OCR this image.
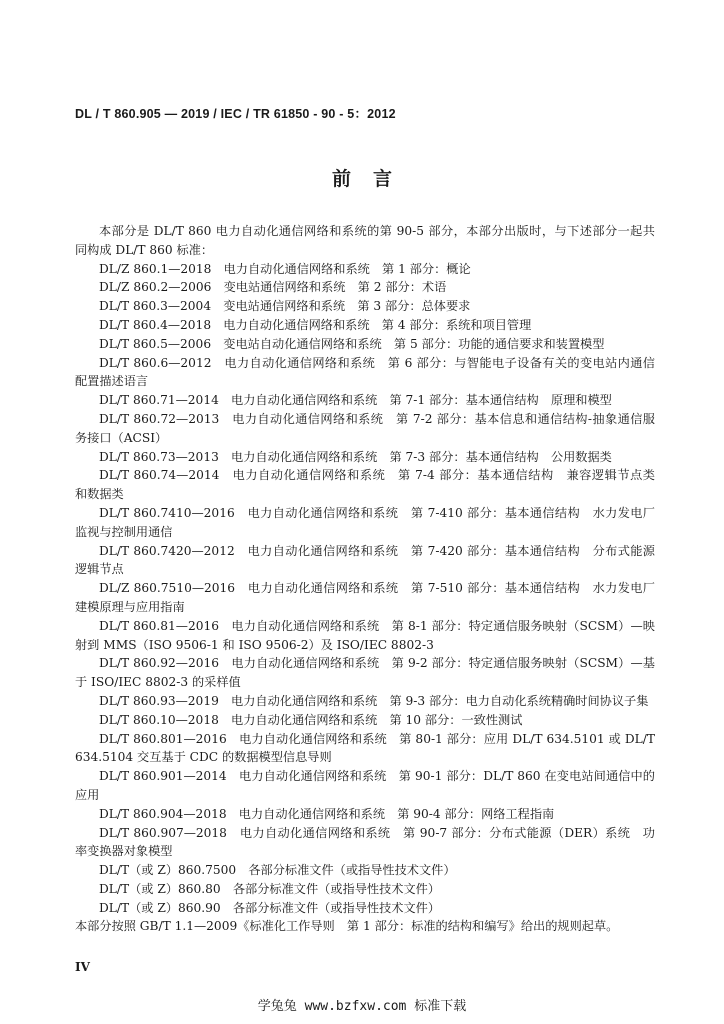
DL / T 860.905 — 2019 / IEC / TR 61850 - 90 - 5：2012
前言
本部分是 DL/T 860 电力自动化通信网络和系统的第 90-5 部分，本部分出版时，与下述部分一起共
同构成 DL/T 860 标准：
DL/Z 860.1—2018　电力自动化通信网络和系统　第 1 部分：概论
DL/Z 860.2—2006　变电站通信网络和系统　第 2 部分：术语
DL/T 860.3—2004　变电站通信网络和系统　第 3 部分：总体要求
DL/T 860.4—2018　电力自动化通信网络和系统　第 4 部分：系统和项目管理
DL/T 860.5—2006　变电站自动化通信网络和系统　第 5 部分：功能的通信要求和装置模型
DL/T 860.6—2012　电力自动化通信网络和系统　第 6 部分：与智能电子设备有关的变电站内通信
配置描述语言
DL/T 860.71—2014　电力自动化通信网络和系统　第 7-1 部分：基本通信结构　原理和模型
DL/T 860.72—2013　电力自动化通信网络和系统　第 7-2 部分：基本信息和通信结构-抽象通信服
务接口（ACSI）
DL/T 860.73—2013　电力自动化通信网络和系统　第 7-3 部分：基本通信结构　公用数据类
DL/T 860.74—2014　电力自动化通信网络和系统　第 7-4 部分：基本通信结构　兼容逻辑节点类
和数据类
DL/T 860.7410—2016　电力自动化通信网络和系统　第 7-410 部分：基本通信结构　水力发电厂
监视与控制用通信
DL/T 860.7420—2012　电力自动化通信网络和系统　第 7-420 部分：基本通信结构　分布式能源
逻辑节点
DL/Z 860.7510—2016　电力自动化通信网络和系统　第 7-510 部分：基本通信结构　水力发电厂
建模原理与应用指南
DL/T 860.81—2016　电力自动化通信网络和系统　第 8-1 部分：特定通信服务映射（SCSM）—映
射到 MMS（ISO 9506-1 和 ISO 9506-2）及 ISO/IEC 8802-3
DL/T 860.92—2016　电力自动化通信网络和系统　第 9-2 部分：特定通信服务映射（SCSM）—基
于 ISO/IEC 8802-3 的采样值
DL/T 860.93—2019　电力自动化通信网络和系统　第 9-3 部分：电力自动化系统精确时间协议子集
DL/T 860.10—2018　电力自动化通信网络和系统　第 10 部分：一致性测试
DL/T 860.801—2016　电力自动化通信网络和系统　第 80-1 部分：应用 DL/T 634.5101 或 DL/T
634.5104 交互基于 CDC 的数据模型信息导则
DL/T 860.901—2014　电力自动化通信网络和系统　第 90-1 部分：DL/T 860 在变电站间通信中的
应用
DL/T 860.904—2018　电力自动化通信网络和系统　第 90-4 部分：网络工程指南
DL/T 860.907—2018　电力自动化通信网络和系统　第 90-7 部分：分布式能源（DER）系统　功
率变换器对象模型
DL/T（或 Z）860.7500　各部分标准文件（或指导性技术文件）
DL/T（或 Z）860.80　各部分标准文件（或指导性技术文件）
DL/T（或 Z）860.90　各部分标准文件（或指导性技术文件）
本部分按照 GB/T 1.1—2009《标准化工作导则　第 1 部分：标准的结构和编写》给出的规则起草。
IV
学兔兔 www.bzfxw.com 标准下载
